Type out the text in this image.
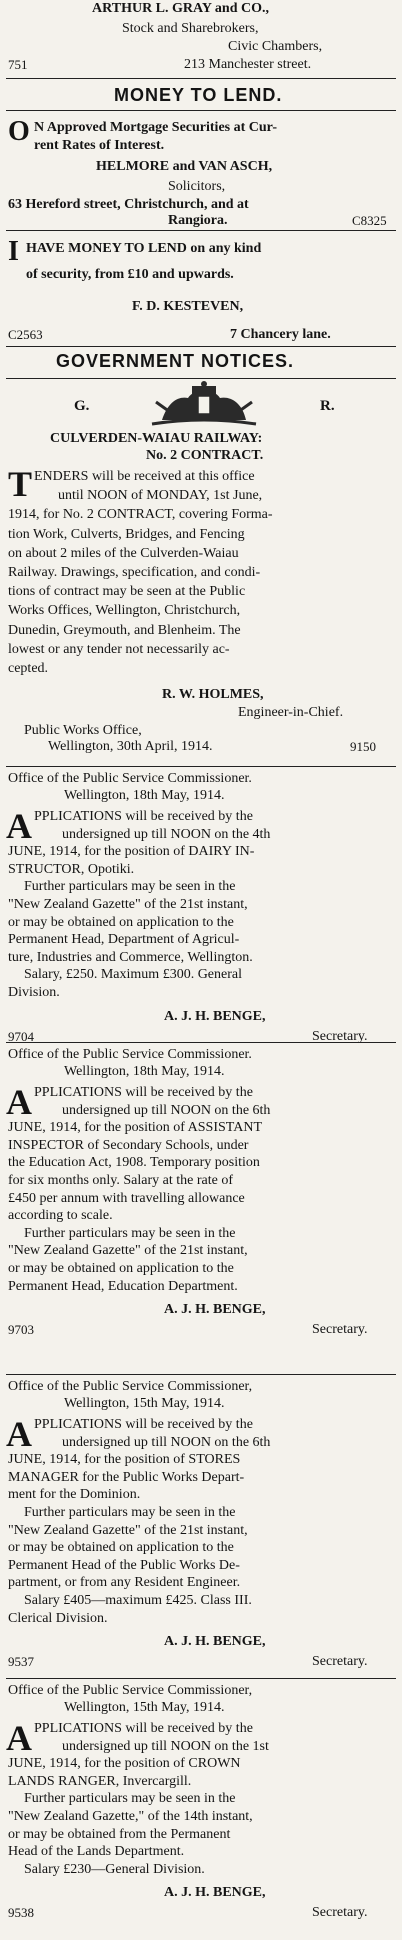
ARTHUR L. GRAY and CO.,
Stock and Sharebrokers,
Civic Chambers,
751	213 Manchester street.
MONEY TO LEND.
O N Approved Mortgage Securities at Cur-
rent Rates of Interest.
HELMORE and VAN ASCH,
Solicitors,
63 Hereford street, Christchurch, and at
Rangiora.	C8325
I HAVE MONEY TO LEND on any kind
of security, from £10 and upwards.
F. D. KESTEVEN,
C2563	7 Chancery lane.
GOVERNMENT NOTICES.
G.	R.
CULVERDEN-WAIAU RAILWAY:
No. 2 CONTRACT.
T ENDERS will be received at this office
until NOON of MONDAY, 1st June,
1914, for No. 2 CONTRACT, covering Forma-
tion Work, Culverts, Bridges, and Fencing
on about 2 miles of the Culverden-Waiau
Railway. Drawings, specification, and condi-
tions of contract may be seen at the Public
Works Offices, Wellington, Christchurch,
Dunedin, Greymouth, and Blenheim. The
lowest or any tender not necessarily ac-
cepted.
R. W. HOLMES,
Engineer-in-Chief.
Public Works Office,
Wellington, 30th April, 1914.	9150
Office of the Public Service Commissioner.
Wellington, 18th May, 1914.
A PPLICATIONS will be received by the
undersigned up till NOON on the 4th
JUNE, 1914, for the position of DAIRY IN-
STRUCTOR, Opotiki.
Further particulars may be seen in the
"New Zealand Gazette" of the 21st instant,
or may be obtained on application to the
Permanent Head, Department of Agricul-
ture, Industries and Commerce, Wellington.
Salary, £250. Maximum £300. General
Division.
A. J. H. BENGE,
9704	Secretary.
Office of the Public Service Commissioner.
Wellington, 18th May, 1914.
A PPLICATIONS will be received by the
undersigned up till NOON on the 6th
JUNE, 1914, for the position of ASSISTANT
INSPECTOR of Secondary Schools, under
the Education Act, 1908. Temporary position
for six months only. Salary at the rate of
£450 per annum with travelling allowance
according to scale.
Further particulars may be seen in the
"New Zealand Gazette" of the 21st instant,
or may be obtained on application to the
Permanent Head, Education Department.
A. J. H. BENGE,
9703	Secretary.
Office of the Public Service Commissioner,
Wellington, 15th May, 1914.
A PPLICATIONS will be received by the
undersigned up till NOON on the 6th
JUNE, 1914, for the position of STORES
MANAGER for the Public Works Depart-
ment for the Dominion.
Further particulars may be seen in the
"New Zealand Gazette" of the 21st instant,
or may be obtained on application to the
Permanent Head of the Public Works De-
partment, or from any Resident Engineer.
Salary £405—maximum £425. Class III.
Clerical Division.
A. J. H. BENGE,
9537	Secretary.
Office of the Public Service Commissioner,
Wellington, 15th May, 1914.
A PPLICATIONS will be received by the
undersigned up till NOON on the 1st
JUNE, 1914, for the position of CROWN
LANDS RANGER, Invercargill.
Further particulars may be seen in the
"New Zealand Gazette," of the 14th instant,
or may be obtained from the Permanent
Head of the Lands Department.
Salary £230—General Division.
A. J. H. BENGE,
9538	Secretary.
